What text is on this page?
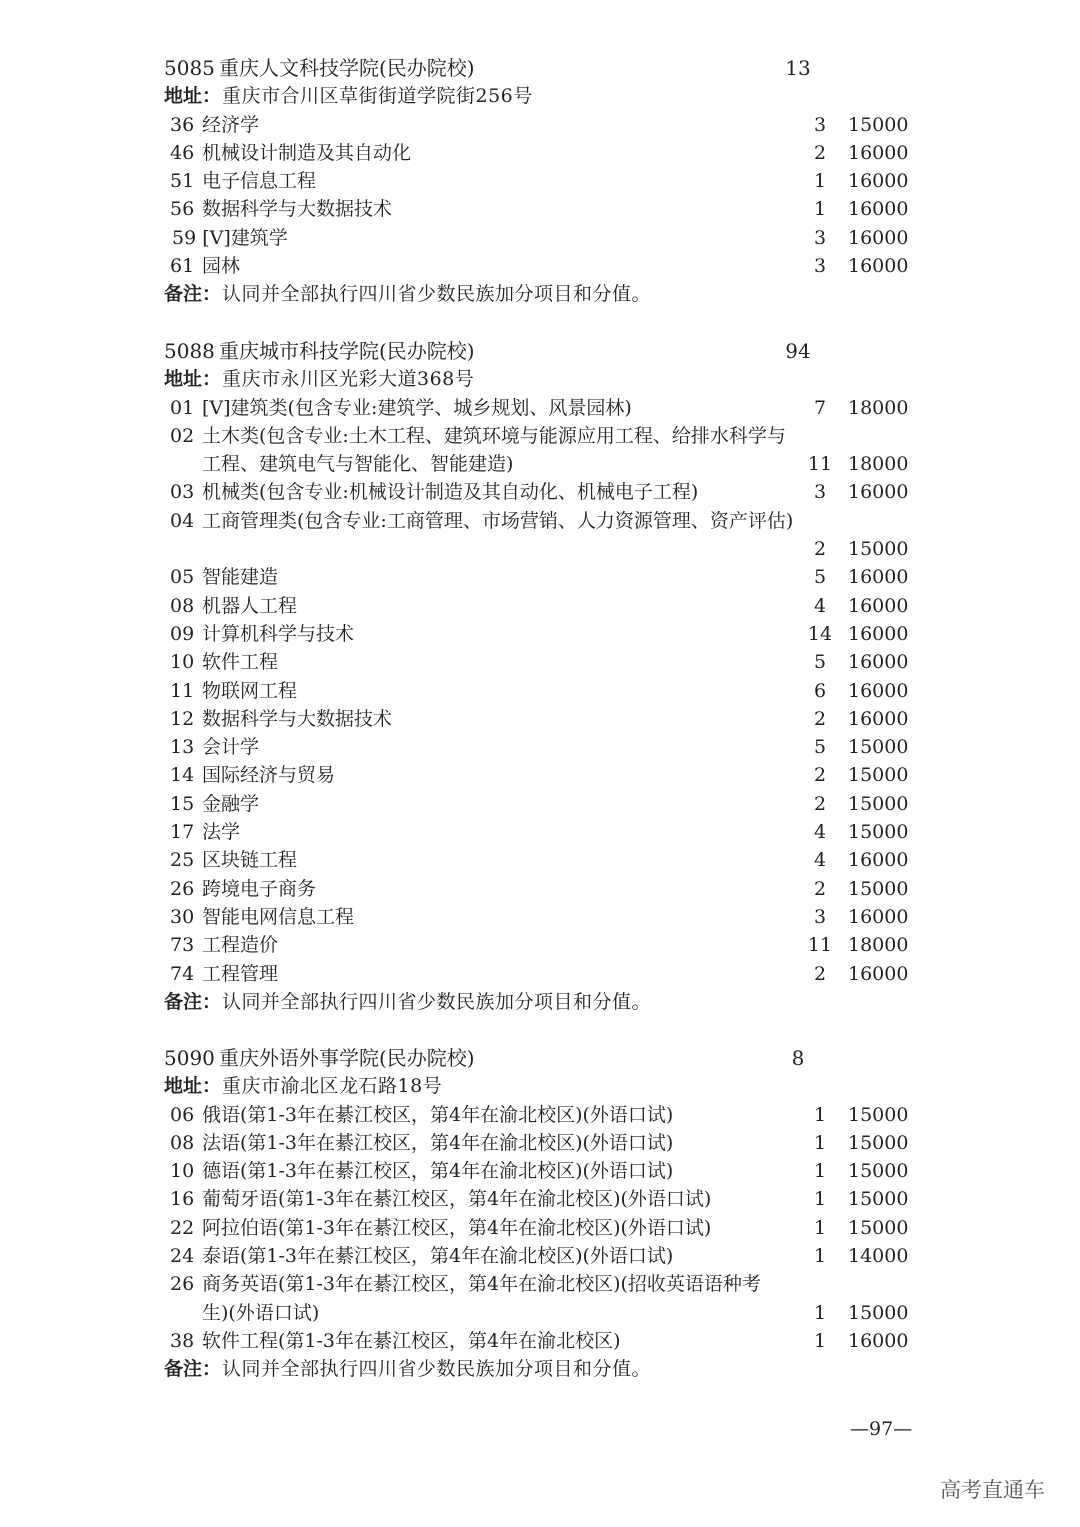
5085 重庆人文科技学院(民办院校)	13
地址： 重庆市合川区草街街道学院街256号
36 经济学	3	15000
46 机械设计制造及其自动化	2	16000
51 电子信息工程	1	16000
56 数据科学与大数据技术	1	16000
59 [V]建筑学	3	16000
61 园林	3	16000
备注： 认同并全部执行四川省少数民族加分项目和分值。
5088 重庆城市科技学院(民办院校)	94
地址： 重庆市永川区光彩大道368号
01 [V]建筑类(包含专业:建筑学、城乡规划、风景园林)	7	18000
02 土木类(包含专业:土木工程、建筑环境与能源应用工程、给排水科学与
工程、建筑电气与智能化、智能建造)	11 18000
03 机械类(包含专业:机械设计制造及其自动化、机械电子工程)	3	16000
04 工商管理类(包含专业:工商管理、市场营销、人力资源管理、资产评估)
2	15000
05 智能建造	5	16000
08 机器人工程	4	16000
09 计算机科学与技术	14 16000
10 软件工程	5	16000
11 物联网工程	6	16000
12 数据科学与大数据技术	2	16000
13 会计学	5	15000
14 国际经济与贸易	2	15000
15 金融学	2	15000
17 法学	4	15000
25 区块链工程	4	16000
26 跨境电子商务	2	15000
30 智能电网信息工程	3	16000
73 工程造价	11 18000
74 工程管理	2	16000
备注： 认同并全部执行四川省少数民族加分项目和分值。
5090 重庆外语外事学院(民办院校)	8
地址： 重庆市渝北区龙石路18号
06 俄语(第1-3年在綦江校区，第4年在渝北校区)(外语口试)	1	15000
08 法语(第1-3年在綦江校区，第4年在渝北校区)(外语口试)	1	15000
10 德语(第1-3年在綦江校区，第4年在渝北校区)(外语口试)	1	15000
16 葡萄牙语(第1-3年在綦江校区，第4年在渝北校区)(外语口试)	1	15000
22 阿拉伯语(第1-3年在綦江校区，第4年在渝北校区)(外语口试)	1	15000
24 泰语(第1-3年在綦江校区，第4年在渝北校区)(外语口试)	1	14000
26 商务英语(第1-3年在綦江校区，第4年在渝北校区)(招收英语语种考
生)(外语口试)	1	15000
38 软件工程(第1-3年在綦江校区，第4年在渝北校区)	1	16000
备注： 认同并全部执行四川省少数民族加分项目和分值。
—97—
高考直通车
